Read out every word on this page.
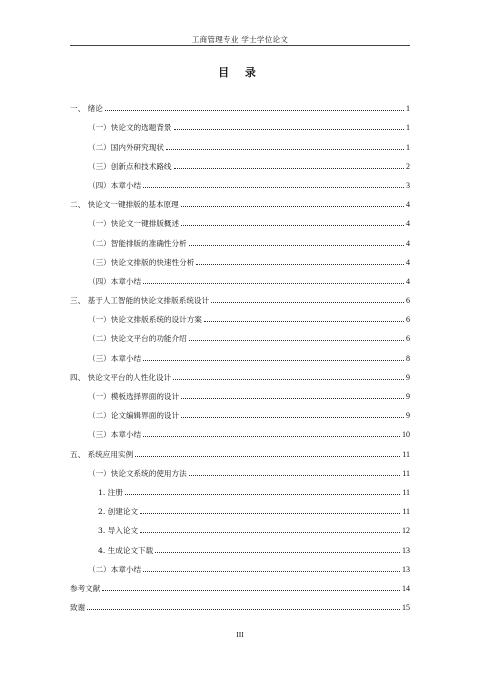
工商管理专业 学士学位论文
目 录
一、 绪论	1
（一）快论文的选题背景	1
（二）国内外研究现状	1
（三）创新点和技术路线	2
（四）本章小结	3
二、 快论文一键排版的基本原理	4
（一）快论文一键排版概述	4
（二）智能排版的准确性分析	4
（三）快论文排版的快速性分析	4
（四）本章小结	4
三、 基于人工智能的快论文排版系统设计	6
（一）快论文排版系统的设计方案	6
（二）快论文平台的功能介绍	6
（三）本章小结	8
四、 快论文平台的人性化设计	9
（一）模板选择界面的设计	9
（二）论文编辑界面的设计	9
（三）本章小结	10
五、 系统应用实例	11
（一）快论文系统的使用方法	11
1. 注册	11
2. 创建论文	11
3. 导入论文	12
4. 生成论文下载	13
（二）本章小结	13
参考文献	14
致谢	15
III
